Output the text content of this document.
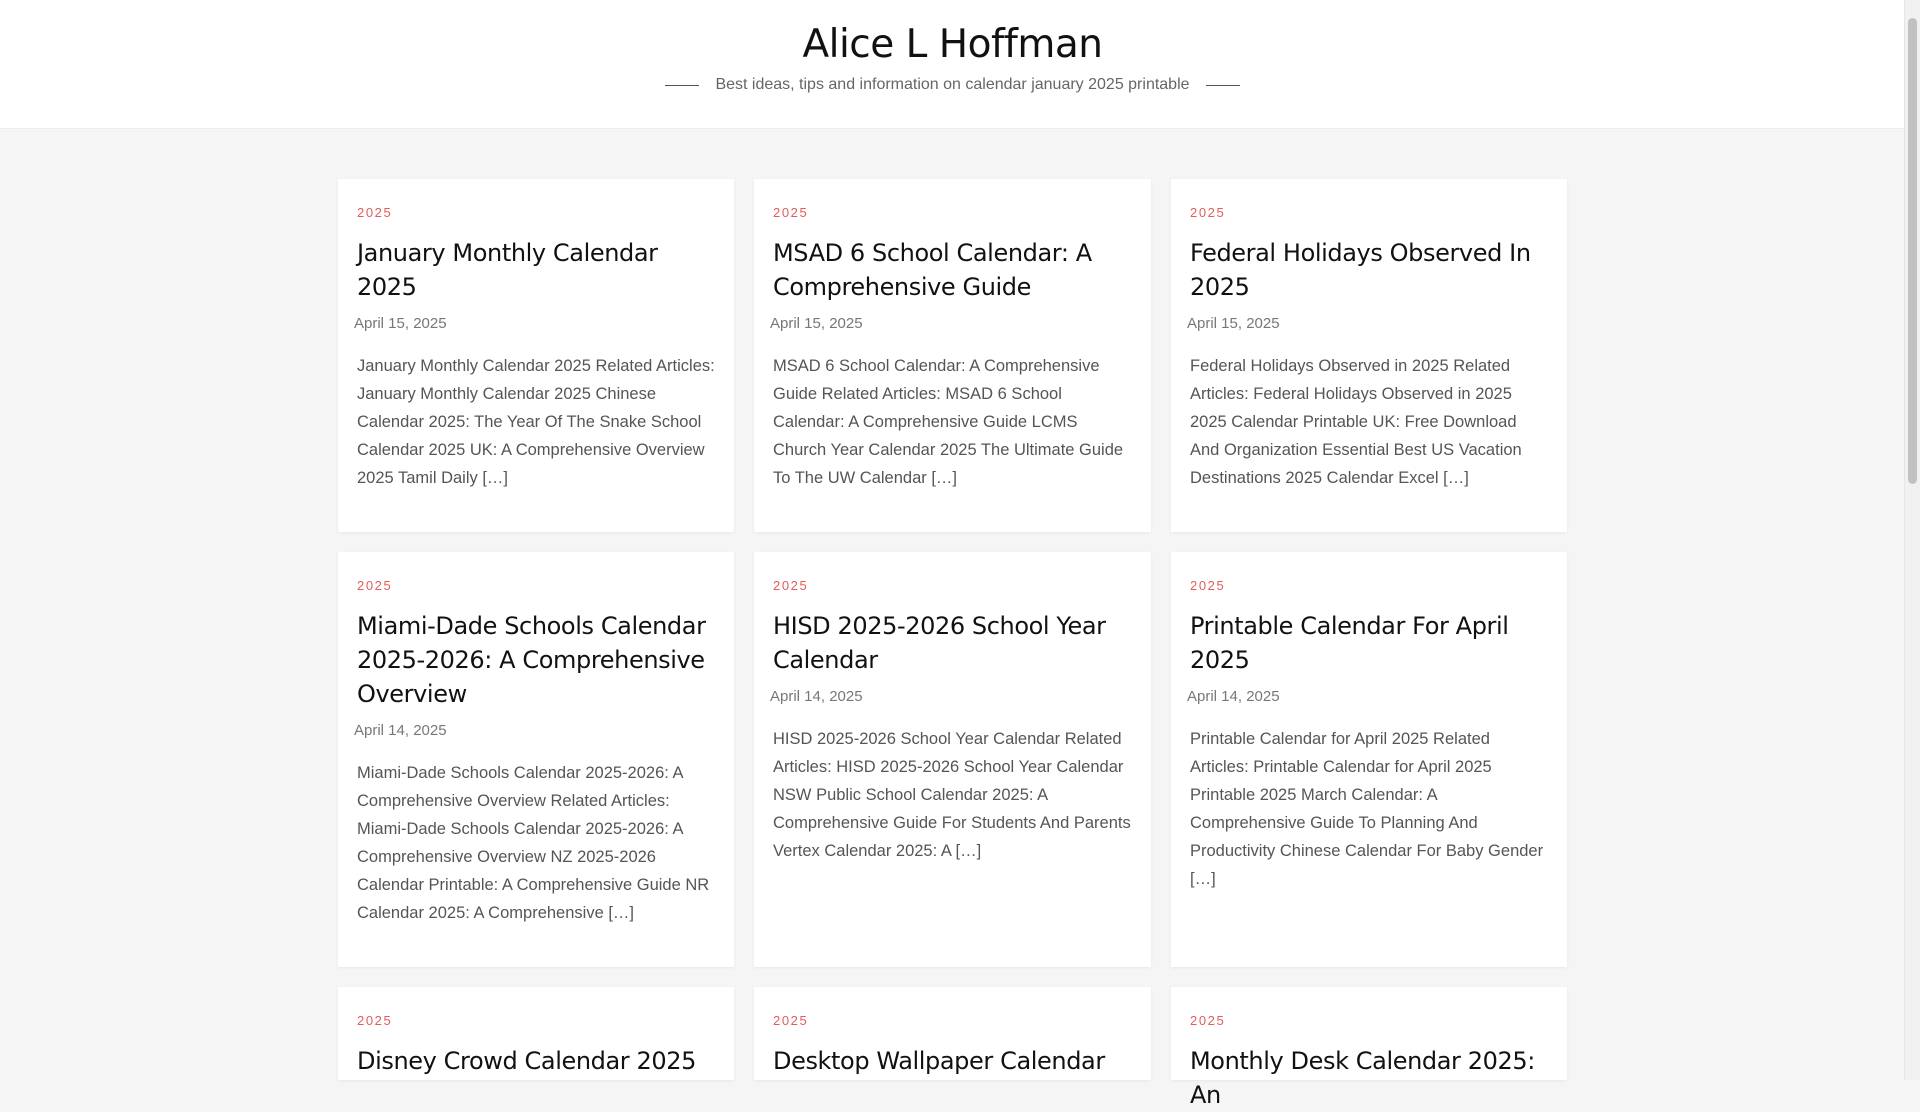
Alice L Hoffman
Best ideas, tips and information on calendar january 2025 printable
2025
January Monthly Calendar 2025
April 15, 2025

January Monthly Calendar 2025 Related Articles: January Monthly Calendar 2025 Chinese Calendar 2025: The Year Of The Snake School Calendar 2025 UK: A Comprehensive Overview 2025 Tamil Daily […]

2025
MSAD 6 School Calendar: A Comprehensive Guide
April 15, 2025

MSAD 6 School Calendar: A Comprehensive Guide Related Articles: MSAD 6 School Calendar: A Comprehensive Guide LCMS Church Year Calendar 2025 The Ultimate Guide To The UW Calendar […]

2025
Federal Holidays Observed In 2025
April 15, 2025

Federal Holidays Observed in 2025 Related Articles: Federal Holidays Observed in 2025 2025 Calendar Printable UK: Free Download And Organization Essential Best US Vacation Destinations 2025 Calendar Excel […]

2025
Miami-Dade Schools Calendar 2025-2026: A Comprehensive Overview
April 14, 2025

Miami-Dade Schools Calendar 2025-2026: A Comprehensive Overview Related Articles: Miami-Dade Schools Calendar 2025-2026: A Comprehensive Overview NZ 2025-2026 Calendar Printable: A Comprehensive Guide NR Calendar 2025: A Comprehensive […]

2025
HISD 2025-2026 School Year Calendar
April 14, 2025

HISD 2025-2026 School Year Calendar Related Articles: HISD 2025-2026 School Year Calendar NSW Public School Calendar 2025: A Comprehensive Guide For Students And Parents Vertex Calendar 2025: A […]

2025
Printable Calendar For April 2025
April 14, 2025

Printable Calendar for April 2025 Related Articles: Printable Calendar for April 2025 Printable 2025 March Calendar: A Comprehensive Guide To Planning And Productivity Chinese Calendar For Baby Gender […]

2025
Disney Crowd Calendar 2025
2025
Desktop Wallpaper Calendar
2025
Monthly Desk Calendar 2025: An
